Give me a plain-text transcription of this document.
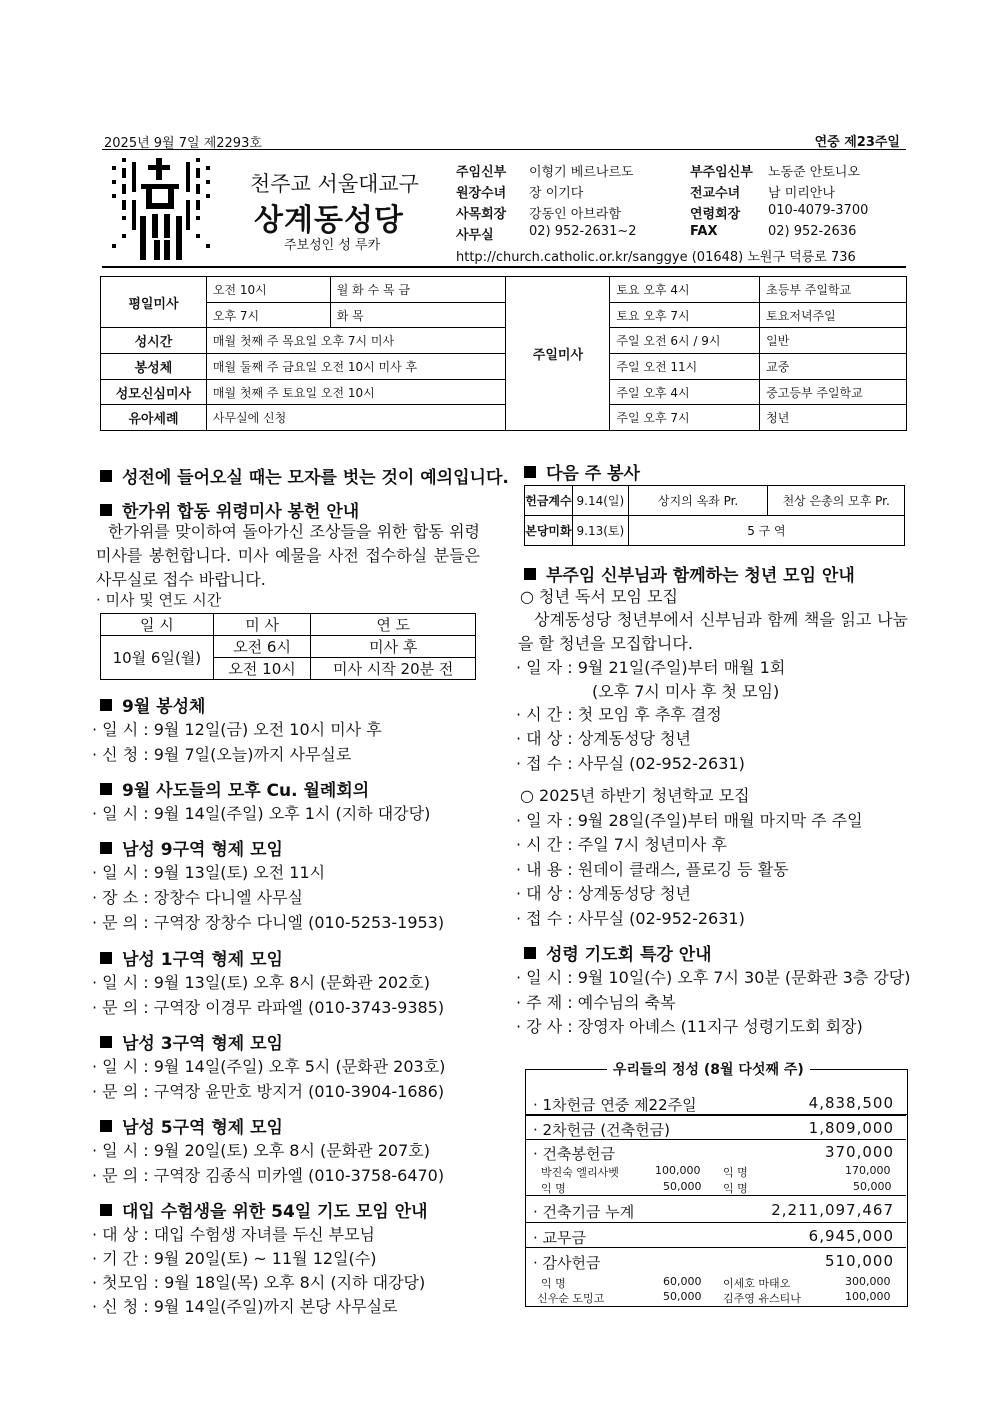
2025년 9월 7일 제2293호	연중 제23주일
천주교 서울대교구
상계동성당
주보성인 성 루카
주임신부 이형기 베르나르도	부주임신부 노동준 안토니오
원장수녀 장 이기다	전교수녀 남 미리안나
사목회장 강동인 아브라함	연령회장 010-4079-3700
사무실	02) 952-2631~2	FAX	02) 952-2636
http://church.catholic.or.kr/sanggye (01648) 노원구 덕릉로 736
평일미사	오전 10시	월 화 수 목 금	주일미사	토요 오후 4시	초등부 주일학교
	오후 7시	화 목		토요 오후 7시	토요저녁주일
성시간	매월 첫째 주 목요일 오후 7시 미사			주일 오전 6시 / 9시	일반
봉성체	매월 둘째 주 금요일 오전 10시 미사 후			주일 오전 11시	교중
성모신심미사	매월 첫째 주 토요일 오전 10시			주일 오후 4시	중고등부 주일학교
유아세례	사무실에 신청			주일 오후 7시	청년
성전에 들어오실 때는 모자를 벗는 것이 예의입니다.
한가위 합동 위령미사 봉헌 안내
한가위를 맞이하여 돌아가신 조상들을 위한 합동 위령미사를 봉헌합니다. 미사 예물을 사전 접수하실 분들은 사무실로 접수 바랍니다.
· 미사 및 연도 시간
일 시	미 사	연 도
10월 6일(월)	오전 6시	미사 후
	오전 10시	미사 시작 20분 전
9월 봉성체
· 일 시 : 9월 12일(금) 오전 10시 미사 후
· 신 청 : 9월 7일(오늘)까지 사무실로
9월 사도들의 모후 Cu. 월례회의
· 일 시 : 9월 14일(주일) 오후 1시 (지하 대강당)
남성 9구역 형제 모임
· 일 시 : 9월 13일(토) 오전 11시
· 장 소 : 장창수 다니엘 사무실
· 문 의 : 구역장 장창수 다니엘 (010-5253-1953)
남성 1구역 형제 모임
· 일 시 : 9월 13일(토) 오후 8시 (문화관 202호)
· 문 의 : 구역장 이경무 라파엘 (010-3743-9385)
남성 3구역 형제 모임
· 일 시 : 9월 14일(주일) 오후 5시 (문화관 203호)
· 문 의 : 구역장 윤만호 방지거 (010-3904-1686)
남성 5구역 형제 모임
· 일 시 : 9월 20일(토) 오후 8시 (문화관 207호)
· 문 의 : 구역장 김종식 미카엘 (010-3758-6470)
대입 수험생을 위한 54일 기도 모임 안내
· 대 상 : 대입 수험생 자녀를 두신 부모님
· 기 간 : 9월 20일(토) ~ 11월 12일(수)
· 첫모임 : 9월 18일(목) 오후 8시 (지하 대강당)
· 신 청 : 9월 14일(주일)까지 본당 사무실로
다음 주 봉사
헌금계수	9.14(일)	상지의 옥좌 Pr.	천상 은총의 모후 Pr.
본당미화	9.13(토)	5 구 역	
부주임 신부님과 함께하는 청년 모임 안내
○ 청년 독서 모임 모집
상계동성당 청년부에서 신부님과 함께 책을 읽고 나눔을 할 청년을 모집합니다.
· 일 자 : 9월 21일(주일)부터 매월 1회
(오후 7시 미사 후 첫 모임)
· 시 간 : 첫 모임 후 추후 결정
· 대 상 : 상계동성당 청년
· 접 수 : 사무실 (02-952-2631)
○ 2025년 하반기 청년학교 모집
· 일 자 : 9월 28일(주일)부터 매월 마지막 주 주일
· 시 간 : 주일 7시 청년미사 후
· 내 용 : 원데이 클래스, 플로깅 등 활동
· 대 상 : 상계동성당 청년
· 접 수 : 사무실 (02-952-2631)
성령 기도회 특강 안내
· 일 시 : 9월 10일(수) 오후 7시 30분 (문화관 3층 강당)
· 주 제 : 예수님의 축복
· 강 사 : 장영자 아녜스 (11지구 성령기도회 회장)
우리들의 정성 (8월 다섯째 주)
· 1차헌금 연중 제22주일	4,838,500
· 2차헌금 (건축헌금)	1,809,000
· 건축봉헌금	370,000
박진숙 엘리사벳	100,000 익 명	170,000
익 명	50,000 익 명	50,000
· 건축기금 누계	2,211,097,467
· 교무금	6,945,000
· 감사헌금	510,000
익 명	60,000 이세호 마태오	300,000
신우순 도밍고	50,000 김주영 유스티나	100,000
